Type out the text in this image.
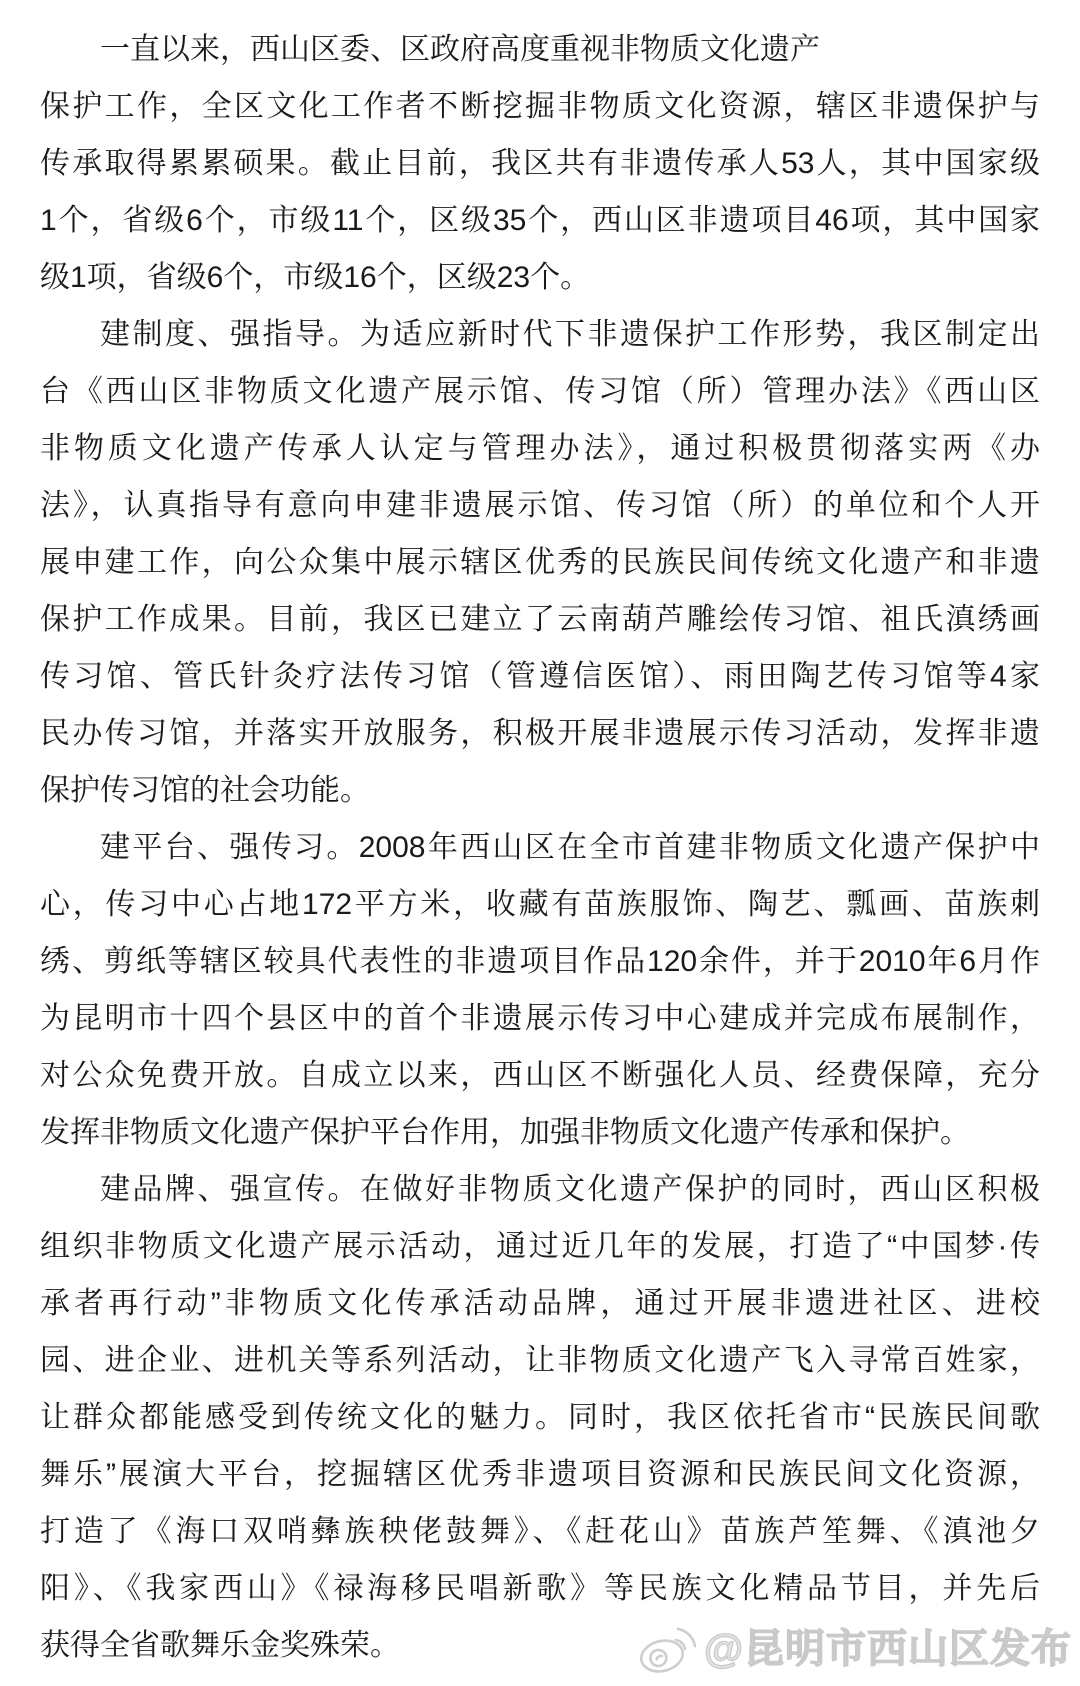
一直以来，西山区委、区政府高度重视非物质文化遗产
保护工作，全区文化工作者不断挖掘非物质文化资源，辖区非遗保护与
传承取得累累硕果。截止目前，我区共有非遗传承人53人，其中国家级
1个，省级6个，市级11个，区级35个，西山区非遗项目46项，其中国家
级1项，省级6个，市级16个，区级23个。
建制度、强指导。为适应新时代下非遗保护工作形势，我区制定出
台《西山区非物质文化遗产展示馆、传习馆（所）管理办法》《西山区
非物质文化遗产传承人认定与管理办法》，通过积极贯彻落实两《办
法》，认真指导有意向申建非遗展示馆、传习馆（所）的单位和个人开
展申建工作，向公众集中展示辖区优秀的民族民间传统文化遗产和非遗
保护工作成果。目前，我区已建立了云南葫芦雕绘传习馆、祖氏滇绣画
传习馆、管氏针灸疗法传习馆（管遵信医馆）、雨田陶艺传习馆等4家
民办传习馆，并落实开放服务，积极开展非遗展示传习活动，发挥非遗
保护传习馆的社会功能。
建平台、强传习。2008年西山区在全市首建非物质文化遗产保护中
心，传习中心占地172平方米，收藏有苗族服饰、陶艺、瓢画、苗族刺
绣、剪纸等辖区较具代表性的非遗项目作品120余件，并于2010年6月作
为昆明市十四个县区中的首个非遗展示传习中心建成并完成布展制作，
对公众免费开放。自成立以来，西山区不断强化人员、经费保障，充分
发挥非物质文化遗产保护平台作用，加强非物质文化遗产传承和保护。
建品牌、强宣传。在做好非物质文化遗产保护的同时，西山区积极
组织非物质文化遗产展示活动，通过近几年的发展，打造了“中国梦·传
承者再行动”非物质文化传承活动品牌，通过开展非遗进社区、进校
园、进企业、进机关等系列活动，让非物质文化遗产飞入寻常百姓家，
让群众都能感受到传统文化的魅力。同时，我区依托省市“民族民间歌
舞乐”展演大平台，挖掘辖区优秀非遗项目资源和民族民间文化资源，
打造了《海口双哨彝族秧佬鼓舞》、《赶花山》苗族芦笙舞、《滇池夕
阳》、《我家西山》《禄海移民唱新歌》等民族文化精品节目，并先后
获得全省歌舞乐金奖殊荣。	@昆明市西山区发布
